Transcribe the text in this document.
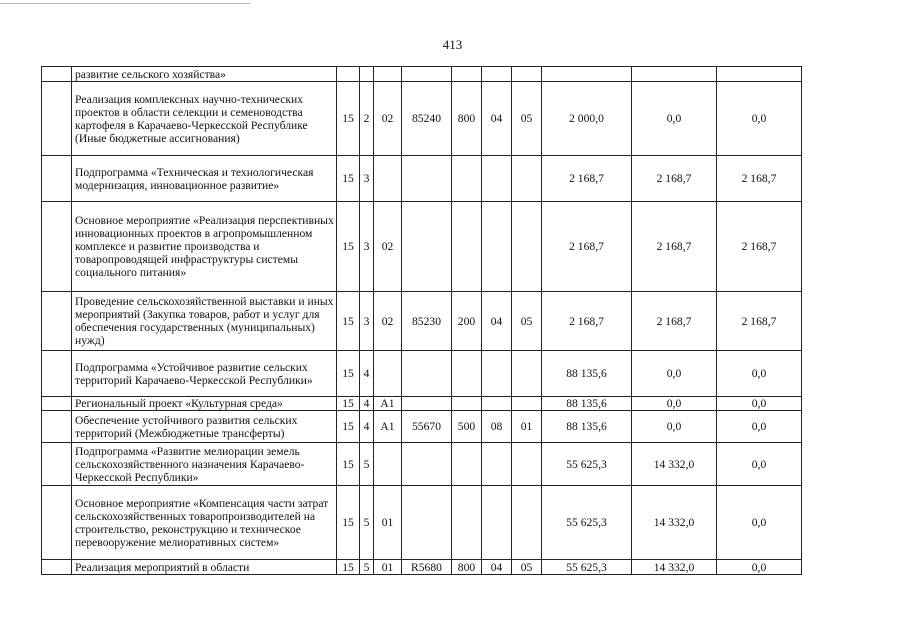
413
	развитие сельского хозяйства»										
	Реализация комплексных научно-технических проектов в области селекции и семеноводства картофеля в Карачаево-Черкесской Республике (Иные бюджетные ассигнования)	15	2	02	85240	800	04	05	2 000,0	0,0	0,0
	Подпрограмма «Техническая и технологическая модернизация, инновационное развитие»	15	3						2 168,7	2 168,7	2 168,7
	Основное мероприятие «Реализация перспективных инновационных проектов в агропромышленном комплексе и развитие производства и товаропроводящей инфраструктуры системы социального питания»	15	3	02					2 168,7	2 168,7	2 168,7
	Проведение сельскохозяйственной выставки и иных мероприятий (Закупка товаров, работ и услуг для обеспечения государственных (муниципальных) нужд)	15	3	02	85230	200	04	05	2 168,7	2 168,7	2 168,7
	Подпрограмма «Устойчивое развитие сельских территорий Карачаево-Черкесской Республики»	15	4						88 135,6	0,0	0,0
	Региональный проект «Культурная среда»	15	4	A1					88 135,6	0,0	0,0
	Обеспечение устойчивого развития сельских территорий (Межбюджетные трансферты)	15	4	A1	55670	500	08	01	88 135,6	0,0	0,0
	Подпрограмма «Развитие мелиорации земель сельскохозяйственного назначения Карачаево-Черкесской Республики»	15	5						55 625,3	14 332,0	0,0
	Основное мероприятие «Компенсация части затрат сельскохозяйственных товаропроизводителей на строительство, реконструкцию и техническое перевооружение мелиоративных систем»	15	5	01					55 625,3	14 332,0	0,0
	Реализация мероприятий в области	15	5	01	R5680	800	04	05	55 625,3	14 332,0	0,0
